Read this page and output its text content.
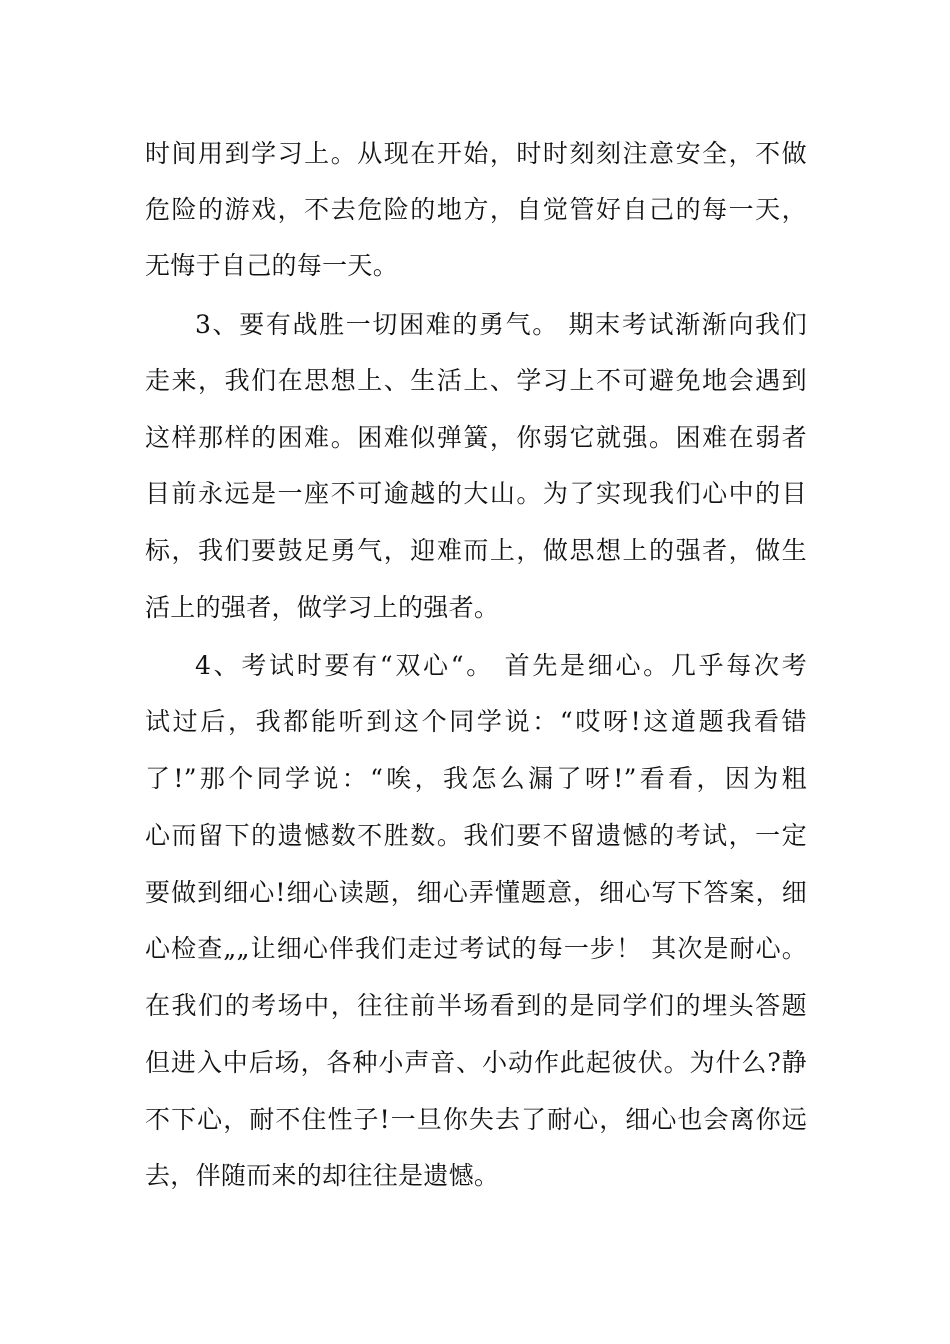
时间用到学习上。从现在开始，时时刻刻注意安全，不做
危险的游戏，不去危险的地方，自觉管好自己的每一天，
无悔于自己的每一天。
3、要有战胜一切困难的勇气。 期末考试渐渐向我们
走来，我们在思想上、生活上、学习上不可避免地会遇到
这样那样的困难。困难似弹簧，你弱它就强。困难在弱者
目前永远是一座不可逾越的大山。为了实现我们心中的目
标，我们要鼓足勇气，迎难而上，做思想上的强者，做生
活上的强者，做学习上的强者。
4、考试时要有“双心“。 首先是细心。几乎每次考
试过后，我都能听到这个同学说：“哎呀!这道题我看错
了!”那个同学说：“唉，我怎么漏了呀!”看看，因为粗
心而留下的遗憾数不胜数。我们要不留遗憾的考试，一定
要做到细心!细心读题，细心弄懂题意，细心写下答案，细
心检查„„让细心伴我们走过考试的每一步！ 其次是耐心。
在我们的考场中，往往前半场看到的是同学们的埋头答题
但进入中后场，各种小声音、小动作此起彼伏。为什么?静
不下心，耐不住性子!一旦你失去了耐心，细心也会离你远
去，伴随而来的却往往是遗憾。
